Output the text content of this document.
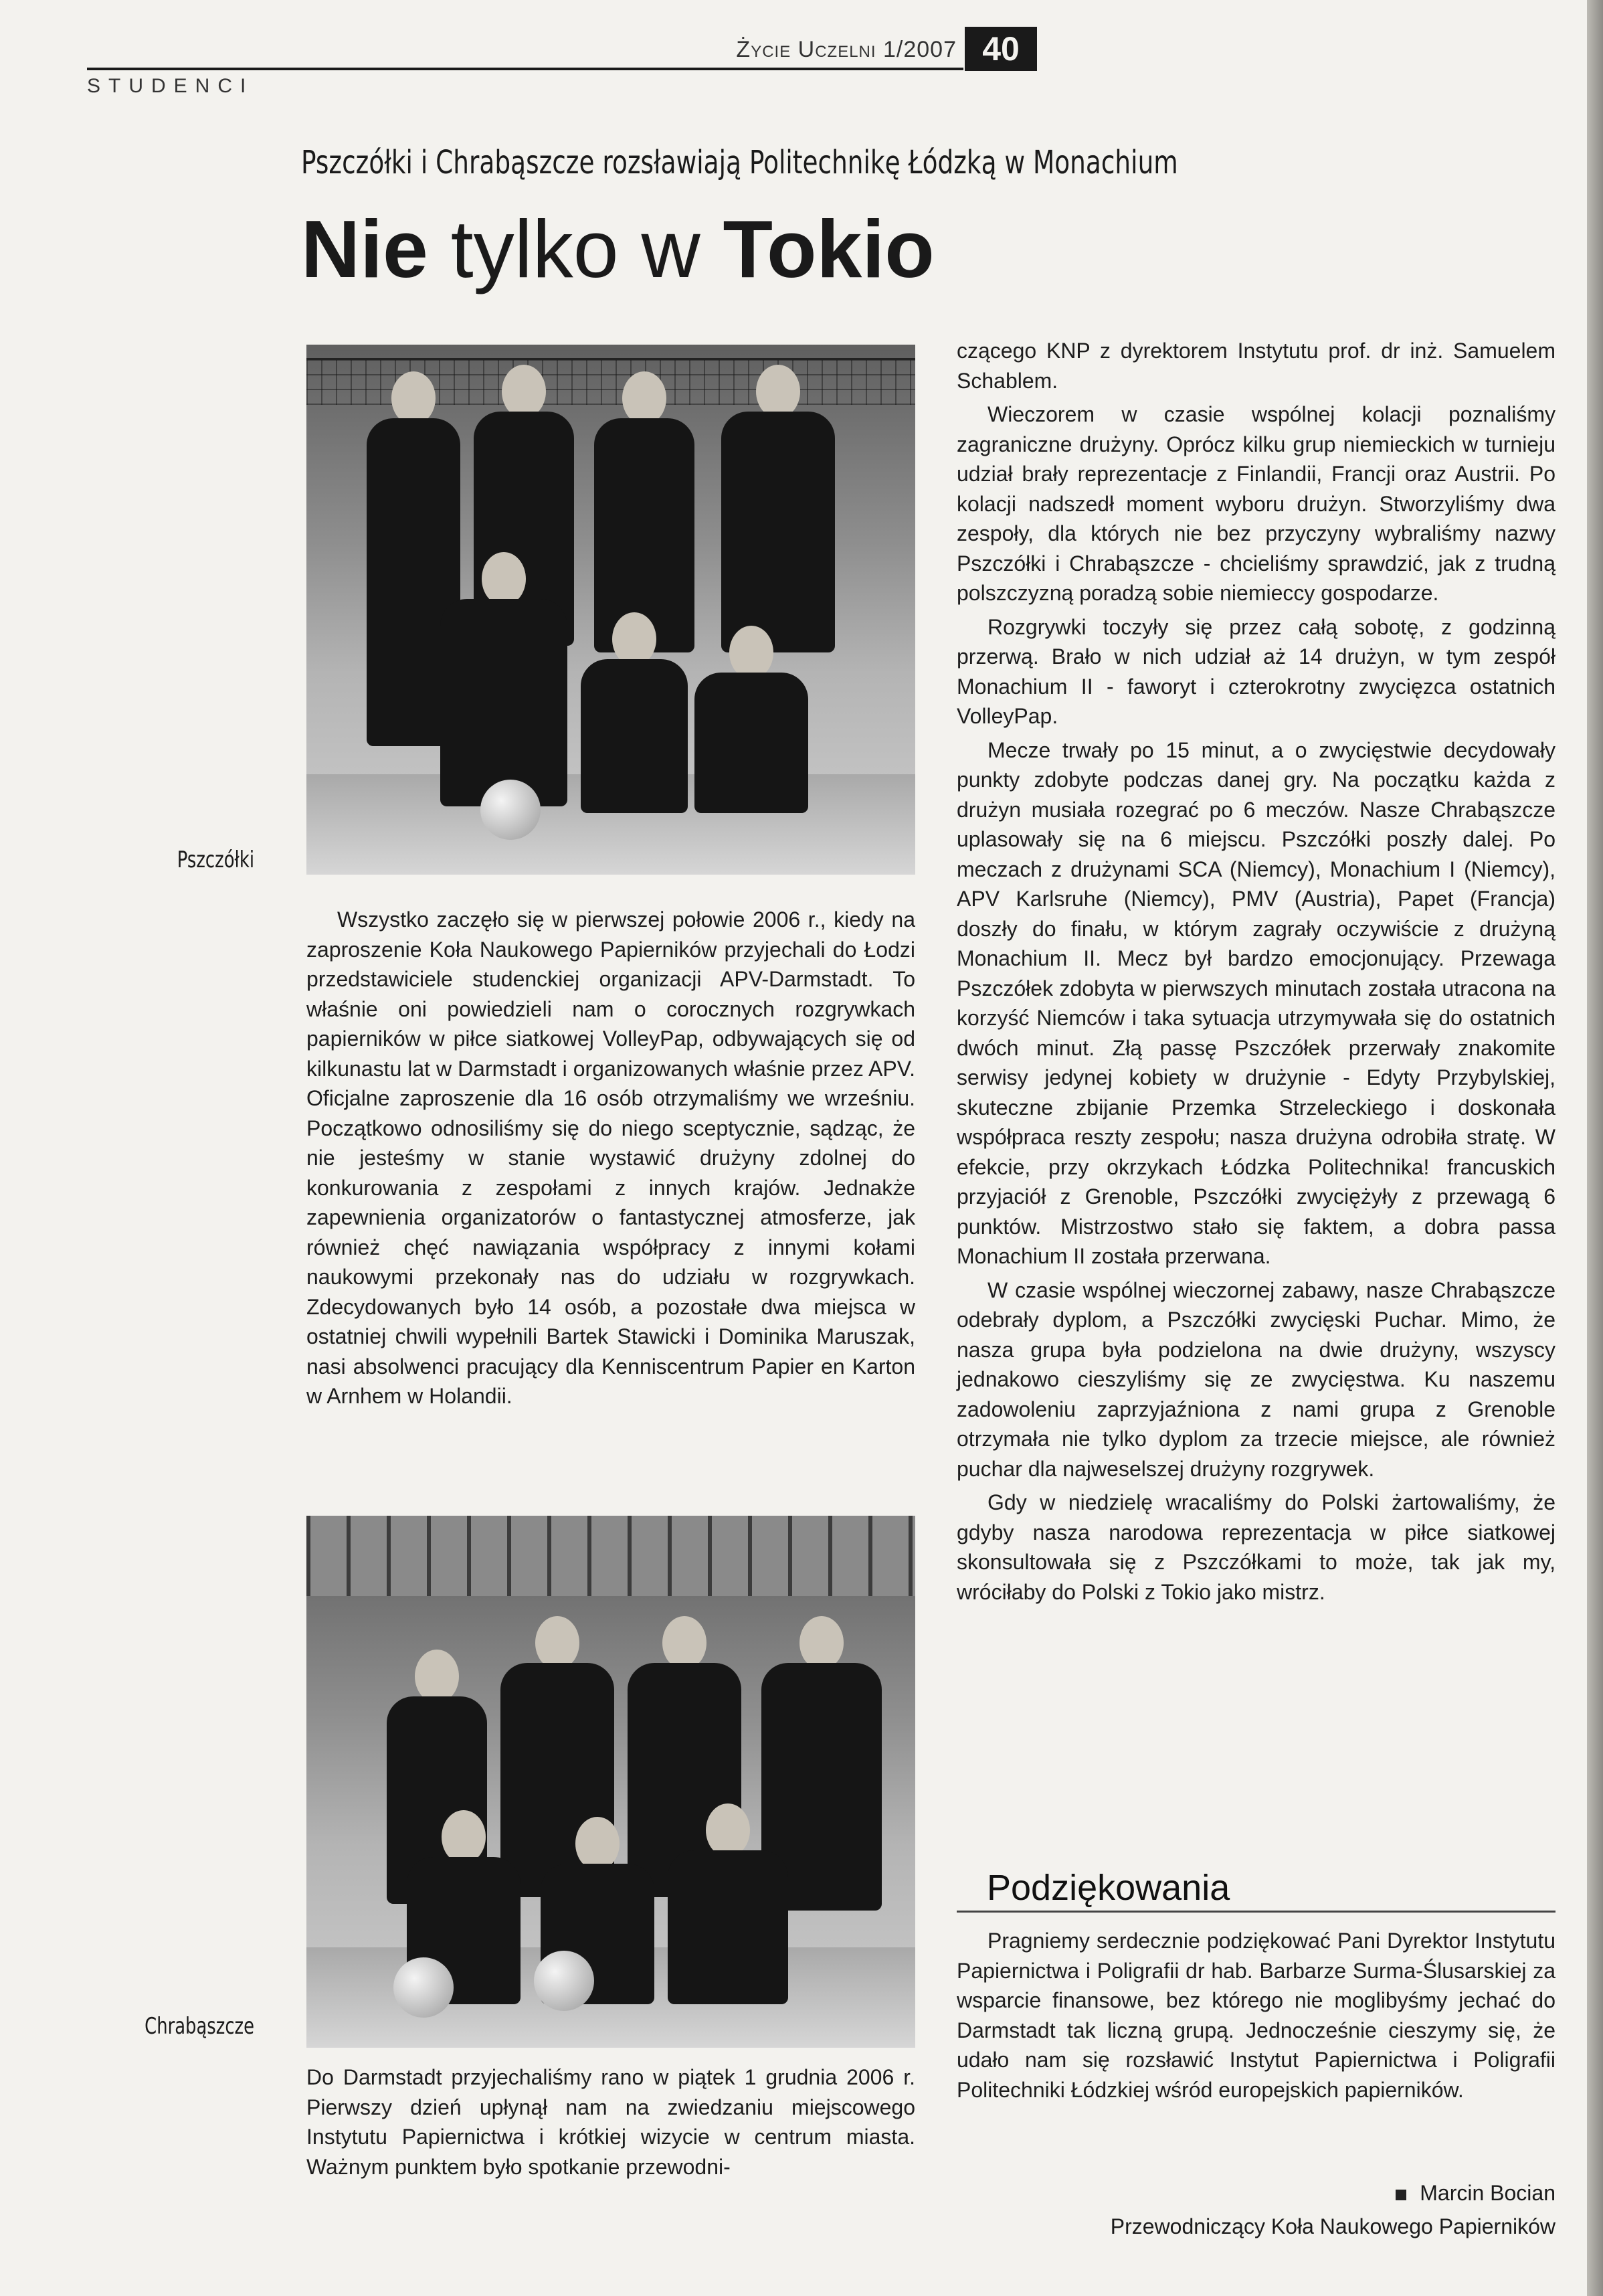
STUDENCI
Życie Uczelni 1/2007 40
Pszczółki i Chrabąszcze rozsławiają Politechnikę Łódzką w Monachium
Nie tylko w Tokio
Pszczółki

Wszystko zaczęło się w pierwszej połowie 2006 r., kiedy na zaproszenie Koła Naukowego Papierników przyjechali do Łodzi przedstawiciele studenckiej organizacji APV-Darmstadt. To właśnie oni powiedzieli nam o corocznych rozgrywkach papierników w piłce siatkowej VolleyPap, odbywających się od kilkunastu lat w Darmstadt i organizowanych właśnie przez APV. Oficjalne zaproszenie dla 16 osób otrzymaliśmy we wrześniu. Początkowo odnosiliśmy się do niego sceptycznie, sądząc, że nie jesteśmy w stanie wystawić drużyny zdolnej do konkurowania z zespołami z innych krajów. Jednakże zapewnienia organizatorów o fantastycznej atmosferze, jak również chęć nawiązania współpracy z innymi kołami naukowymi przekonały nas do udziału w rozgrywkach. Zdecydowanych było 14 osób, a pozostałe dwa miejsca w ostatniej chwili wypełnili Bartek Stawicki i Dominika Maruszak, nasi absolwenci pracujący dla Kenniscentrum Papier en Karton w Arnhem w Holandii.

Chrabąszcze

Do Darmstadt przyjechaliśmy rano w piątek 1 grudnia 2006 r. Pierwszy dzień upłynął nam na zwiedzaniu miejscowego Instytutu Papiernictwa i krótkiej wizycie w centrum miasta. Ważnym punktem było spotkanie przewodni-

czącego KNP z dyrektorem Instytutu prof. dr inż. Samuelem Schablem.

Wieczorem w czasie wspólnej kolacji poznaliśmy zagraniczne drużyny. Oprócz kilku grup niemieckich w turnieju udział brały reprezentacje z Finlandii, Francji oraz Austrii. Po kolacji nadszedł moment wyboru drużyn. Stworzyliśmy dwa zespoły, dla których nie bez przyczyny wybraliśmy nazwy Pszczółki i Chrabąszcze - chcieliśmy sprawdzić, jak z trudną polszczyzną poradzą sobie niemieccy gospodarze.

Rozgrywki toczyły się przez całą sobotę, z godzinną przerwą. Brało w nich udział aż 14 drużyn, w tym zespół Monachium II - faworyt i czterokrotny zwycięzca ostatnich VolleyPap.

Mecze trwały po 15 minut, a o zwycięstwie decydowały punkty zdobyte podczas danej gry. Na początku każda z drużyn musiała rozegrać po 6 meczów. Nasze Chrabąszcze uplasowały się na 6 miejscu. Pszczółki poszły dalej. Po meczach z drużynami SCA (Niemcy), Monachium I (Niemcy), APV Karlsruhe (Niemcy), PMV (Austria), Papet (Francja) doszły do finału, w którym zagrały oczywiście z drużyną Monachium II. Mecz był bardzo emocjonujący. Przewaga Pszczółek zdobyta w pierwszych minutach została utracona na korzyść Niemców i taka sytuacja utrzymywała się do ostatnich dwóch minut. Złą passę Pszczółek przerwały znakomite serwisy jedynej kobiety w drużynie - Edyty Przybylskiej, skuteczne zbijanie Przemka Strzeleckiego i doskonała współpraca reszty zespołu; nasza drużyna odrobiła stratę. W efekcie, przy okrzykach Łódzka Politechnika! francuskich przyjaciół z Grenoble, Pszczółki zwyciężyły z przewagą 6 punktów. Mistrzostwo stało się faktem, a dobra passa Monachium II została przerwana.

W czasie wspólnej wieczornej zabawy, nasze Chrabąszcze odebrały dyplom, a Pszczółki zwycięski Puchar. Mimo, że nasza grupa była podzielona na dwie drużyny, wszyscy jednakowo cieszyliśmy się ze zwycięstwa. Ku naszemu zadowoleniu zaprzyjaźniona z nami grupa z Grenoble otrzymała nie tylko dyplom za trzecie miejsce, ale również puchar dla najweselszej drużyny rozgrywek.

Gdy w niedzielę wracaliśmy do Polski żartowaliśmy, że gdyby nasza narodowa reprezentacja w piłce siatkowej skonsultowała się z Pszczółkami to może, tak jak my, wróciłaby do Polski z Tokio jako mistrz.

Podziękowania

Pragniemy serdecznie podziękować Pani Dyrektor Instytutu Papiernictwa i Poligrafii dr hab. Barbarze Surma-Ślusarskiej za wsparcie finansowe, bez którego nie moglibyśmy jechać do Darmstadt tak liczną grupą. Jednocześnie cieszymy się, że udało nam się rozsławić Instytut Papiernictwa i Poligrafii Politechniki Łódzkiej wśród europejskich papierników.

Marcin Bocian
Przewodniczący Koła Naukowego Papierników
